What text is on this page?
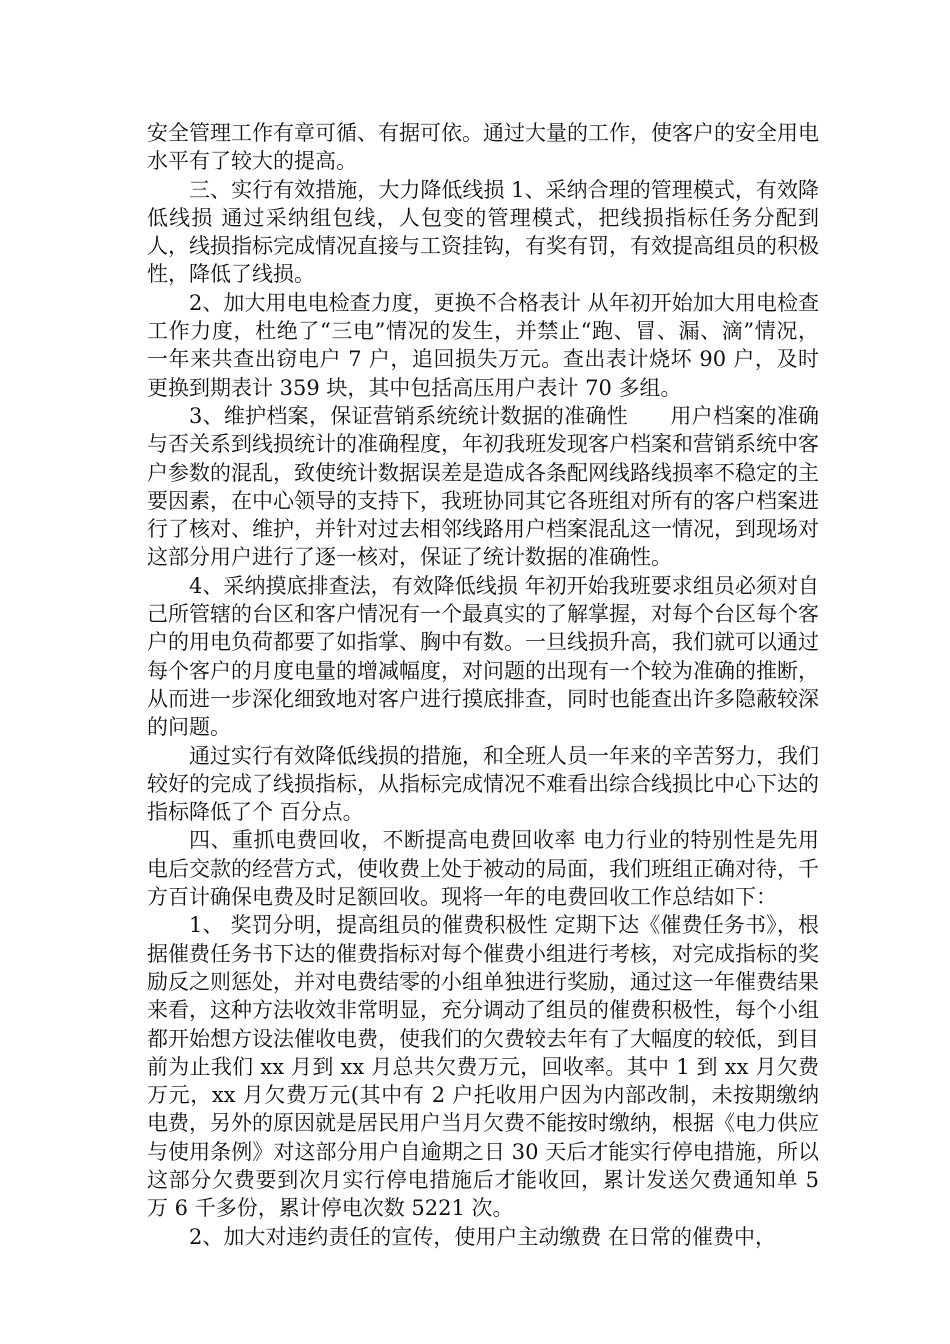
安全管理工作有章可循、有据可依。通过大量的工作，使客户的安全用电水平有了较大的提高。

三、实行有效措施，大力降低线损 1、采纳合理的管理模式，有效降低线损 通过采纳组包线，人包变的管理模式，把线损指标任务分配到人，线损指标完成情况直接与工资挂钩，有奖有罚，有效提高组员的积极性，降低了线损。

2、加大用电电检查力度，更换不合格表计 从年初开始加大用电检查工作力度，杜绝了“三电”情况的发生，并禁止“跑、冒、漏、滴”情况，一年来共查出窃电户 7 户，追回损失万元。查出表计烧坏 90 户，及时更换到期表计 359 块，其中包括高压用户表计 70 多组。

3、维护档案，保证营销系统统计数据的准确性　　用户档案的准确与否关系到线损统计的准确程度，年初我班发现客户档案和营销系统中客户参数的混乱，致使统计数据误差是造成各条配网线路线损率不稳定的主要因素，在中心领导的支持下，我班协同其它各班组对所有的客户档案进行了核对、维护，并针对过去相邻线路用户档案混乱这一情况，到现场对这部分用户进行了逐一核对，保证了统计数据的准确性。

4、采纳摸底排查法，有效降低线损 年初开始我班要求组员必须对自己所管辖的台区和客户情况有一个最真实的了解掌握，对每个台区每个客户的用电负荷都要了如指掌、胸中有数。一旦线损升高，我们就可以通过每个客户的月度电量的增减幅度，对问题的出现有一个较为准确的推断，从而进一步深化细致地对客户进行摸底排查，同时也能查出许多隐蔽较深的问题。

通过实行有效降低线损的措施，和全班人员一年来的辛苦努力，我们较好的完成了线损指标，从指标完成情况不难看出综合线损比中心下达的指标降低了个 百分点。

四、重抓电费回收，不断提高电费回收率 电力行业的特别性是先用电后交款的经营方式，使收费上处于被动的局面，我们班组正确对待，千方百计确保电费及时足额回收。现将一年的电费回收工作总结如下：

1、 奖罚分明，提高组员的催费积极性 定期下达《催费任务书》，根据催费任务书下达的催费指标对每个催费小组进行考核，对完成指标的奖励反之则惩处，并对电费结零的小组单独进行奖励，通过这一年催费结果来看，这种方法收效非常明显，充分调动了组员的催费积极性，每个小组都开始想方设法催收电费，使我们的欠费较去年有了大幅度的较低，到目前为止我们 xx 月到 xx 月总共欠费万元，回收率。其中 1 到 xx 月欠费万元，xx 月欠费万元(其中有 2 户托收用户因为内部改制，未按期缴纳电费，另外的原因就是居民用户当月欠费不能按时缴纳，根据《电力供应与使用条例》对这部分用户自逾期之日 30 天后才能实行停电措施，所以这部分欠费要到次月实行停电措施后才能收回，累计发送欠费通知单 5 万 6 千多份，累计停电次数 5221 次。

2、加大对违约责任的宣传，使用户主动缴费 在日常的催费中，
